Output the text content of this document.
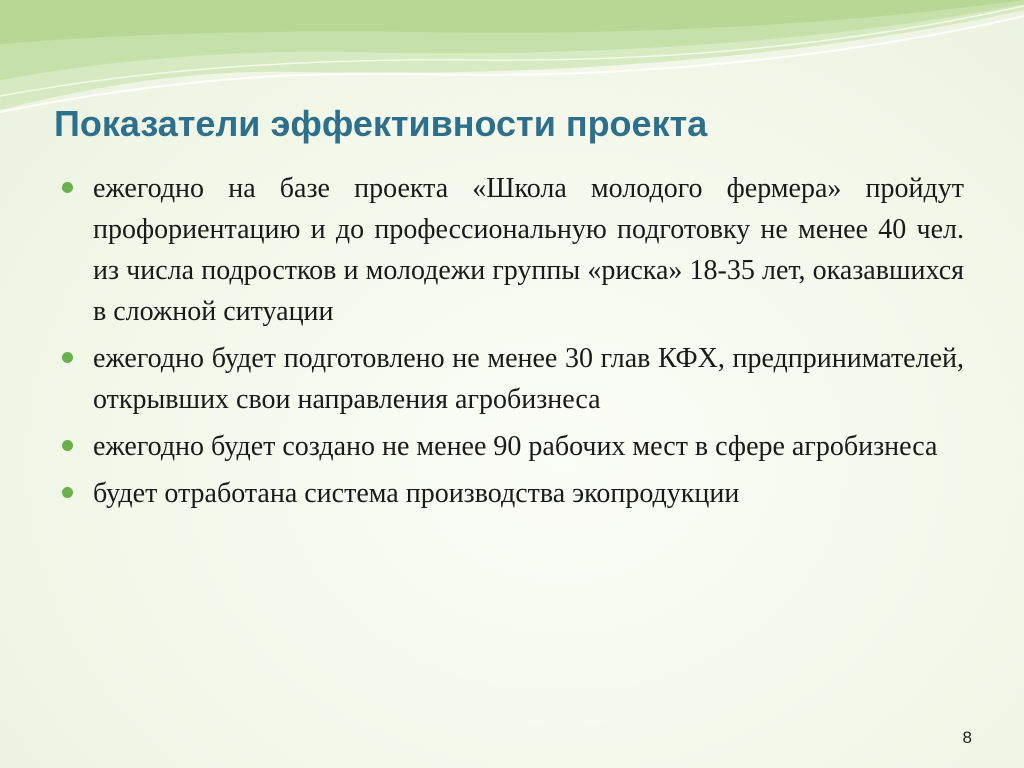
Показатели эффективности проекта
ежегодно на базе проекта «Школа молодого фермера» пройдут профориентацию и до профессиональную подготовку не менее 40 чел. из числа подростков и молодежи группы «риска» 18-35 лет, оказавшихся в сложной ситуации
ежегодно будет подготовлено не менее 30 глав КФХ, предпринимателей, открывших свои направления агробизнеса
ежегодно будет создано не менее 90 рабочих мест в сфере агробизнеса
будет отработана система производства экопродукции
8
